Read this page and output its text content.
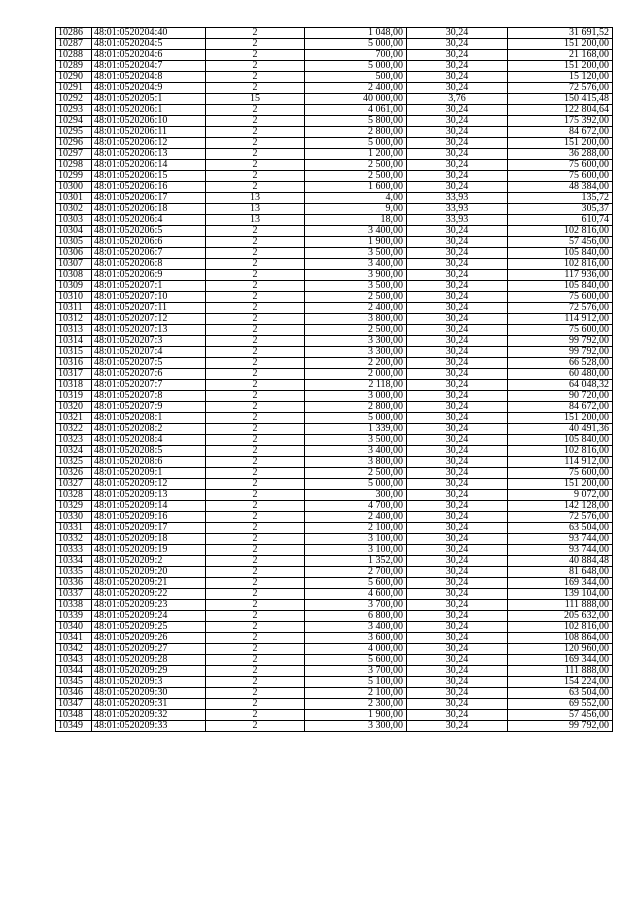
10286	48:01:0520204:40	2	1 048,00	30,24	31 691,52
10287	48:01:0520204:5	2	5 000,00	30,24	151 200,00
10288	48:01:0520204:6	2	700,00	30,24	21 168,00
10289	48:01:0520204:7	2	5 000,00	30,24	151 200,00
10290	48:01:0520204:8	2	500,00	30,24	15 120,00
10291	48:01:0520204:9	2	2 400,00	30,24	72 576,00
10292	48:01:0520205:1	15	40 000,00	3,76	150 415,48
10293	48:01:0520206:1	2	4 061,00	30,24	122 804,64
10294	48:01:0520206:10	2	5 800,00	30,24	175 392,00
10295	48:01:0520206:11	2	2 800,00	30,24	84 672,00
10296	48:01:0520206:12	2	5 000,00	30,24	151 200,00
10297	48:01:0520206:13	2	1 200,00	30,24	36 288,00
10298	48:01:0520206:14	2	2 500,00	30,24	75 600,00
10299	48:01:0520206:15	2	2 500,00	30,24	75 600,00
10300	48:01:0520206:16	2	1 600,00	30,24	48 384,00
10301	48:01:0520206:17	13	4,00	33,93	135,72
10302	48:01:0520206:18	13	9,00	33,93	305,37
10303	48:01:0520206:4	13	18,00	33,93	610,74
10304	48:01:0520206:5	2	3 400,00	30,24	102 816,00
10305	48:01:0520206:6	2	1 900,00	30,24	57 456,00
10306	48:01:0520206:7	2	3 500,00	30,24	105 840,00
10307	48:01:0520206:8	2	3 400,00	30,24	102 816,00
10308	48:01:0520206:9	2	3 900,00	30,24	117 936,00
10309	48:01:0520207:1	2	3 500,00	30,24	105 840,00
10310	48:01:0520207:10	2	2 500,00	30,24	75 600,00
10311	48:01:0520207:11	2	2 400,00	30,24	72 576,00
10312	48:01:0520207:12	2	3 800,00	30,24	114 912,00
10313	48:01:0520207:13	2	2 500,00	30,24	75 600,00
10314	48:01:0520207:3	2	3 300,00	30,24	99 792,00
10315	48:01:0520207:4	2	3 300,00	30,24	99 792,00
10316	48:01:0520207:5	2	2 200,00	30,24	66 528,00
10317	48:01:0520207:6	2	2 000,00	30,24	60 480,00
10318	48:01:0520207:7	2	2 118,00	30,24	64 048,32
10319	48:01:0520207:8	2	3 000,00	30,24	90 720,00
10320	48:01:0520207:9	2	2 800,00	30,24	84 672,00
10321	48:01:0520208:1	2	5 000,00	30,24	151 200,00
10322	48:01:0520208:2	2	1 339,00	30,24	40 491,36
10323	48:01:0520208:4	2	3 500,00	30,24	105 840,00
10324	48:01:0520208:5	2	3 400,00	30,24	102 816,00
10325	48:01:0520208:6	2	3 800,00	30,24	114 912,00
10326	48:01:0520209:1	2	2 500,00	30,24	75 600,00
10327	48:01:0520209:12	2	5 000,00	30,24	151 200,00
10328	48:01:0520209:13	2	300,00	30,24	9 072,00
10329	48:01:0520209:14	2	4 700,00	30,24	142 128,00
10330	48:01:0520209:16	2	2 400,00	30,24	72 576,00
10331	48:01:0520209:17	2	2 100,00	30,24	63 504,00
10332	48:01:0520209:18	2	3 100,00	30,24	93 744,00
10333	48:01:0520209:19	2	3 100,00	30,24	93 744,00
10334	48:01:0520209:2	2	1 352,00	30,24	40 884,48
10335	48:01:0520209:20	2	2 700,00	30,24	81 648,00
10336	48:01:0520209:21	2	5 600,00	30,24	169 344,00
10337	48:01:0520209:22	2	4 600,00	30,24	139 104,00
10338	48:01:0520209:23	2	3 700,00	30,24	111 888,00
10339	48:01:0520209:24	2	6 800,00	30,24	205 632,00
10340	48:01:0520209:25	2	3 400,00	30,24	102 816,00
10341	48:01:0520209:26	2	3 600,00	30,24	108 864,00
10342	48:01:0520209:27	2	4 000,00	30,24	120 960,00
10343	48:01:0520209:28	2	5 600,00	30,24	169 344,00
10344	48:01:0520209:29	2	3 700,00	30,24	111 888,00
10345	48:01:0520209:3	2	5 100,00	30,24	154 224,00
10346	48:01:0520209:30	2	2 100,00	30,24	63 504,00
10347	48:01:0520209:31	2	2 300,00	30,24	69 552,00
10348	48:01:0520209:32	2	1 900,00	30,24	57 456,00
10349	48:01:0520209:33	2	3 300,00	30,24	99 792,00
